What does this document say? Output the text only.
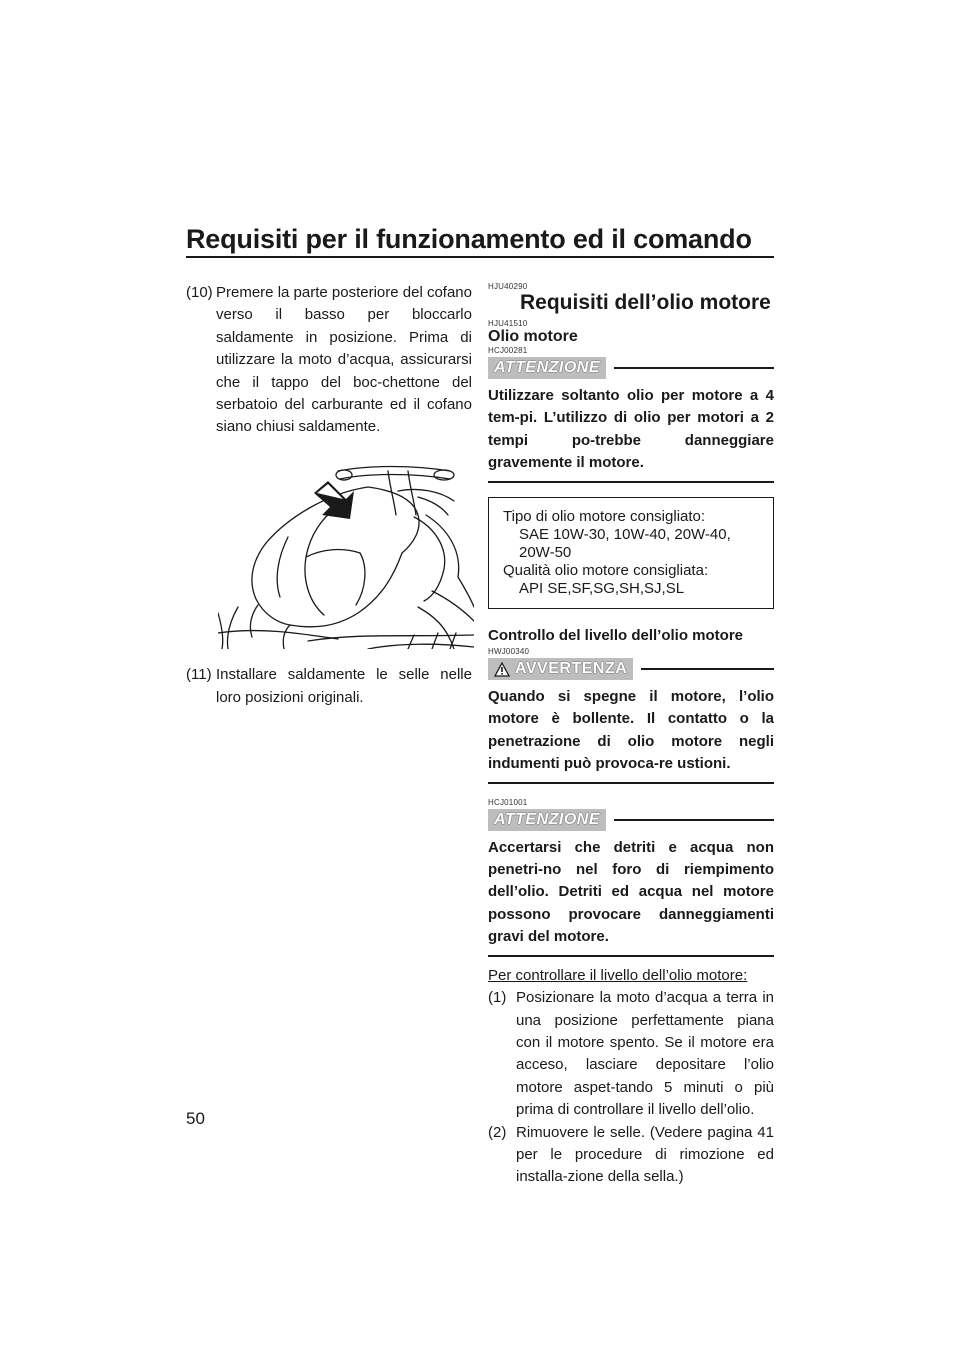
Requisiti per il funzionamento ed il comando
(10) Premere la parte posteriore del cofano verso il basso per bloccarlo saldamente in posizione. Prima di utilizzare la moto d’acqua, assicurarsi che il tappo del boc-chettone del serbatoio del carburante ed il cofano siano chiusi saldamente.
(11) Installare saldamente le selle nelle loro posizioni originali.
HJU40290
Requisiti dell’olio motore
HJU41510
Olio motore
HCJ00281
ATTENZIONE
Utilizzare soltanto olio per motore a 4 tem-pi. L’utilizzo di olio per motori a 2 tempi po-trebbe danneggiare gravemente il motore.
Tipo di olio motore consigliato:
SAE 10W-30, 10W-40, 20W-40, 20W-50
Qualità olio motore consigliata:
API SE,SF,SG,SH,SJ,SL
Controllo del livello dell’olio motore
HWJ00340
AVVERTENZA
Quando si spegne il motore, l’olio motore è bollente. Il contatto o la penetrazione di olio motore negli indumenti può provoca-re ustioni.
HCJ01001
ATTENZIONE
Accertarsi che detriti e acqua non penetri-no nel foro di riempimento dell’olio. Detriti ed acqua nel motore possono provocare danneggiamenti gravi del motore.
Per controllare il livello dell’olio motore:
(1) Posizionare la moto d’acqua a terra in una posizione perfettamente piana con il motore spento. Se il motore era acceso, lasciare depositare l’olio motore aspet-tando 5 minuti o più prima di controllare il livello dell’olio.
(2) Rimuovere le selle. (Vedere pagina 41 per le procedure di rimozione ed installa-zione della sella.)
50
